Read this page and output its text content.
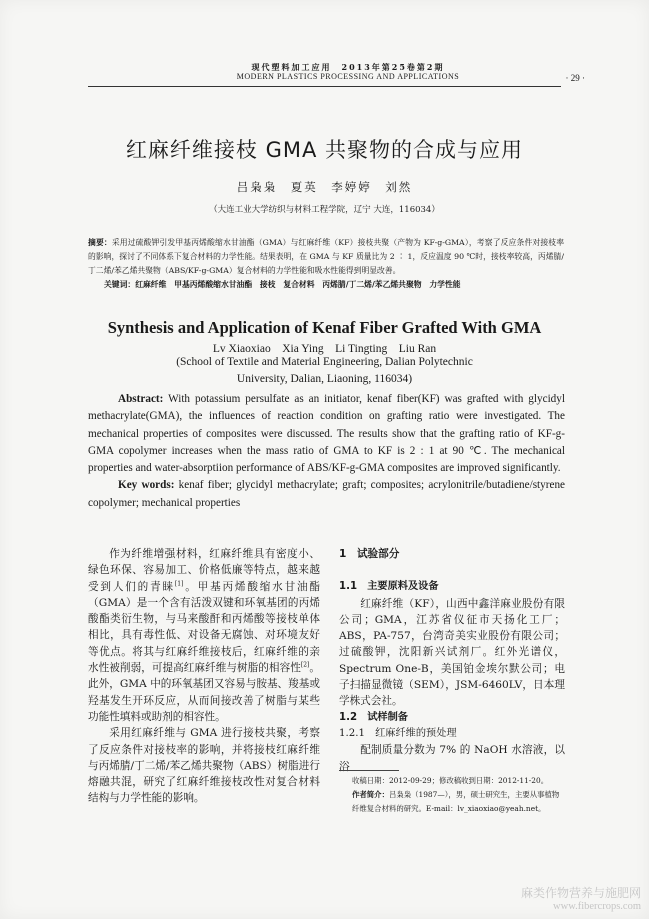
现代塑料加工应用　2013年第25卷第2期
MODERN PLASTICS PROCESSING AND APPLICATIONS	· 29 ·
红麻纤维接枝 GMA 共聚物的合成与应用
吕枭枭　夏英　李婷婷　刘然
（大连工业大学纺织与材料工程学院，辽宁 大连，116034）
摘要：采用过硫酸钾引发甲基丙烯酸缩水甘油酯（GMA）与红麻纤维（KF）接枝共聚（产物为 KF-g-GMA），考察了反应条件对接枝率的影响，探讨了不同体系下复合材料的力学性能。结果表明，在 GMA 与 KF 质量比为 2 ∶ 1，反应温度 90 ℃时，接枝率较高，丙烯腈/丁二烯/苯乙烯共聚物（ABS/KF-g-GMA）复合材料的力学性能和吸水性能得到明显改善。
关键词：红麻纤维　甲基丙烯酸缩水甘油酯　接枝　复合材料　丙烯腈/丁二烯/苯乙烯共聚物　力学性能
Synthesis and Application of Kenaf Fiber Grafted With GMA
Lv Xiaoxiao　Xia Ying　Li Tingting　Liu Ran
(School of Textile and Material Engineering, Dalian Polytechnic
University, Dalian, Liaoning, 116034)
Abstract: With potassium persulfate as an initiator, kenaf fiber(KF) was grafted with glycidyl methacrylate(GMA), the influences of reaction condition on grafting ratio were investigated. The mechanical properties of composites were discussed. The results show that the grafting ratio of KF-g-GMA copolymer increases when the mass ratio of GMA to KF is 2 : 1 at 90 ℃. The mechanical properties and water-absorptiion performance of ABS/KF-g-GMA composites are improved significantly.
Key words: kenaf fiber; glycidyl methacrylate; graft; composites; acrylonitrile/butadiene/styrene copolymer; mechanical properties

作为纤维增强材料，红麻纤维具有密度小、绿色环保、容易加工、价格低廉等特点，越来越受到人们的青睐[1]。甲基丙烯酸缩水甘油酯（GMA）是一个含有活泼双键和环氧基团的丙烯酸酯类衍生物，与马来酸酐和丙烯酸等接枝单体相比，具有毒性低、对设备无腐蚀、对环境友好等优点。将其与红麻纤维接枝后，红麻纤维的亲水性被削弱，可提高红麻纤维与树脂的相容性[2]。此外，GMA 中的环氧基团又容易与胺基、羧基或羟基发生开环反应，从而间接改善了树脂与某些功能性填料或助剂的相容性。

采用红麻纤维与 GMA 进行接枝共聚，考察了反应条件对接枝率的影响，并将接枝红麻纤维与丙烯腈/丁二烯/苯乙烯共聚物（ABS）树脂进行熔融共混，研究了红麻纤维接枝改性对复合材料结构与力学性能的影响。

1　试验部分

1.1　主要原料及设备

红麻纤维（KF），山西中鑫洋麻业股份有限公司；GMA，江苏省仪征市天扬化工厂；ABS，PA-757，台湾奇美实业股份有限公司；过硫酸钾，沈阳新兴试剂厂。红外光谱仪，Spectrum One-B，美国铂金埃尔默公司；电子扫描显微镜（SEM），JSM-6460LV，日本理学株式会社。

1.2　试样制备

1.2.1　红麻纤维的预处理

配制质量分数为 7% 的 NaOH 水溶液，以浴

收稿日期：2012-09-29；修改稿收到日期：2012-11-20。
作者简介：吕枭枭（1987—），男，硕士研究生，主要从事植物纤维复合材料的研究。E-mail：lv_xiaoxiao@yeah.net。
麻类作物营养与施肥网
www.fibercrops.com
